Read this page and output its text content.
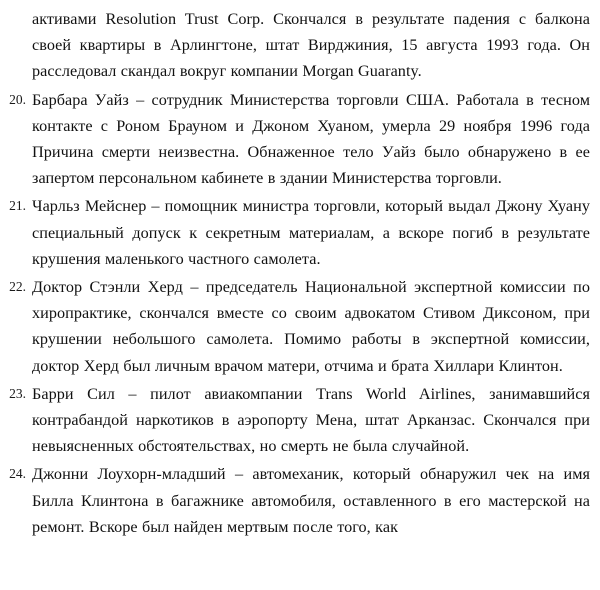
активами Resolution Trust Corp. Скончался в результате падения с балкона своей квартиры в Арлингтоне, штат Вирджиния, 15 августа 1993 года. Он расследовал скандал вокруг компании Morgan Guaranty.
20. Барбара Уайз – сотрудник Министерства торговли США. Работала в тесном контакте с Роном Брауном и Джоном Хуаном, умерла 29 ноября 1996 года Причина смерти неизвестна. Обнаженное тело Уайз было обнаружено в ее запертом персональном кабинете в здании Министерства торговли.
21. Чарльз Мейснер – помощник министра торговли, который выдал Джону Хуану специальный допуск к секретным материалам, а вскоре погиб в результате крушения маленького частного самолета.
22. Доктор Стэнли Херд – председатель Национальной экспертной комиссии по хиропрактике, скончался вместе со своим адвокатом Стивом Диксоном, при крушении небольшого самолета. Помимо работы в экспертной комиссии, доктор Херд был личным врачом матери, отчима и брата Хиллари Клинтон.
23. Барри Сил – пилот авиакомпании Trans World Airlines, занимавшийся контрабандой наркотиков в аэропорту Мена, штат Арканзас. Скончался при невыясненных обстоятельствах, но смерть не была случайной.
24. Джонни Лоухорн-младший – автомеханик, который обнаружил чек на имя Билла Клинтона в багажнике автомобиля, оставленного в его мастерской на ремонт. Вскоре был найден мертвым после того, как
